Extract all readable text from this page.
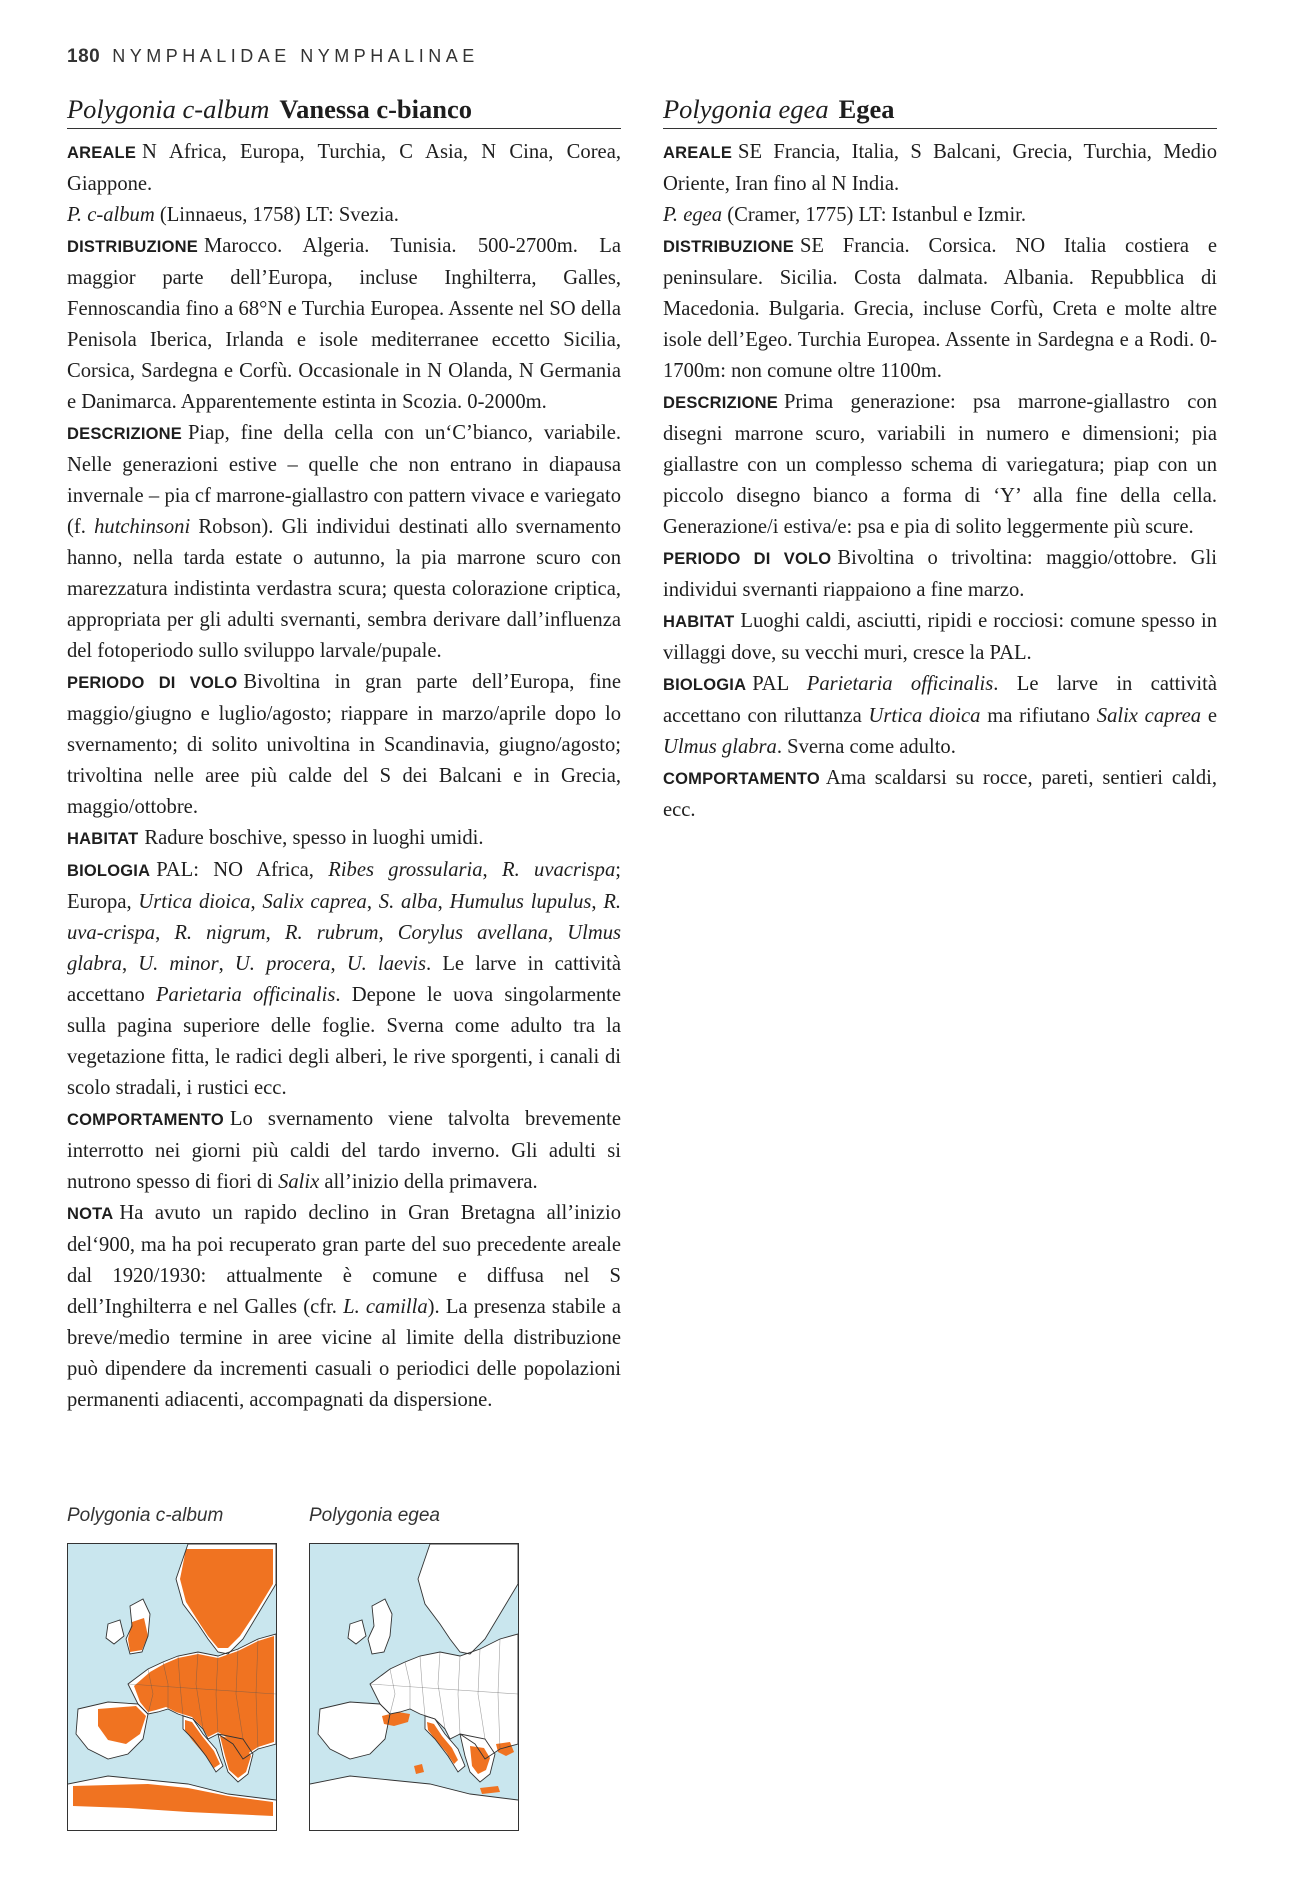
180 NYMPHALIDAE NYMPHALINAE
Polygonia c-album Vanessa c-bianco

AREALE N Africa, Europa, Turchia, C Asia, N Cina, Corea, Giappone.

P. c-album (Linnaeus, 1758) LT: Svezia.

DISTRIBUZIONE Marocco. Algeria. Tunisia. 500-2700m. La maggior parte dell’Europa, incluse Inghilterra, Galles, Fennoscandia fino a 68°N e Turchia Europea. Assente nel SO della Penisola Iberica, Irlanda e isole mediterranee eccetto Sicilia, Corsica, Sardegna e Corfù. Occasionale in N Olanda, N Germania e Danimarca. Apparentemente estinta in Scozia. 0-2000m.

DESCRIZIONE Piap, fine della cella con un‘C’bianco, variabile. Nelle generazioni estive – quelle che non entrano in diapausa invernale – pia cf marrone-giallastro con pattern vivace e variegato (f. hutchinsoni Robson). Gli individui destinati allo svernamento hanno, nella tarda estate o autunno, la pia marrone scuro con marezzatura indistinta verdastra scura; questa colorazione criptica, appropriata per gli adulti svernanti, sembra derivare dall’influenza del fotoperiodo sullo sviluppo larvale/pupale.

PERIODO DI VOLO Bivoltina in gran parte dell’Europa, fine maggio/giugno e luglio/agosto; riappare in marzo/aprile dopo lo svernamento; di solito univoltina in Scandinavia, giugno/agosto; trivoltina nelle aree più calde del S dei Balcani e in Grecia, maggio/ottobre.

HABITAT Radure boschive, spesso in luoghi umidi.

BIOLOGIA PAL: NO Africa, Ribes grossularia, R. uvacrispa; Europa, Urtica dioica, Salix caprea, S. alba, Humulus lupulus, R. uva-crispa, R. nigrum, R. rubrum, Corylus avellana, Ulmus glabra, U. minor, U. procera, U. laevis. Le larve in cattività accettano Parietaria officinalis. Depone le uova singolarmente sulla pagina superiore delle foglie. Sverna come adulto tra la vegetazione fitta, le radici degli alberi, le rive sporgenti, i canali di scolo stradali, i rustici ecc.

COMPORTAMENTO Lo svernamento viene talvolta brevemente interrotto nei giorni più caldi del tardo inverno. Gli adulti si nutrono spesso di fiori di Salix all’inizio della primavera.

NOTA Ha avuto un rapido declino in Gran Bretagna all’inizio del‘900, ma ha poi recuperato gran parte del suo precedente areale dal 1920/1930: attualmente è comune e diffusa nel S dell’Inghilterra e nel Galles (cfr. L. camilla). La presenza stabile a breve/medio termine in aree vicine al limite della distribuzione può dipendere da incrementi casuali o periodici delle popolazioni permanenti adiacenti, accompagnati da dispersione.

Polygonia egea Egea

AREALE SE Francia, Italia, S Balcani, Grecia, Turchia, Medio Oriente, Iran fino al N India.

P. egea (Cramer, 1775) LT: Istanbul e Izmir.

DISTRIBUZIONE SE Francia. Corsica. NO Italia costiera e peninsulare. Sicilia. Costa dalmata. Albania. Repubblica di Macedonia. Bulgaria. Grecia, incluse Corfù, Creta e molte altre isole dell’Egeo. Turchia Europea. Assente in Sardegna e a Rodi. 0-1700m: non comune oltre 1100m.

DESCRIZIONE Prima generazione: psa marrone-giallastro con disegni marrone scuro, variabili in numero e dimensioni; pia giallastre con un complesso schema di variegatura; piap con un piccolo disegno bianco a forma di ‘Y’ alla fine della cella. Generazione/i estiva/e: psa e pia di solito leggermente più scure.

PERIODO DI VOLO Bivoltina o trivoltina: maggio/ottobre. Gli individui svernanti riappaiono a fine marzo.

HABITAT Luoghi caldi, asciutti, ripidi e rocciosi: comune spesso in villaggi dove, su vecchi muri, cresce la PAL.

BIOLOGIA PAL Parietaria officinalis. Le larve in cattività accettano con riluttanza Urtica dioica ma rifiutano Salix caprea e Ulmus glabra. Sverna come adulto.

COMPORTAMENTO Ama scaldarsi su rocce, pareti, sentieri caldi, ecc.

Polygonia c-album	Polygonia egea
